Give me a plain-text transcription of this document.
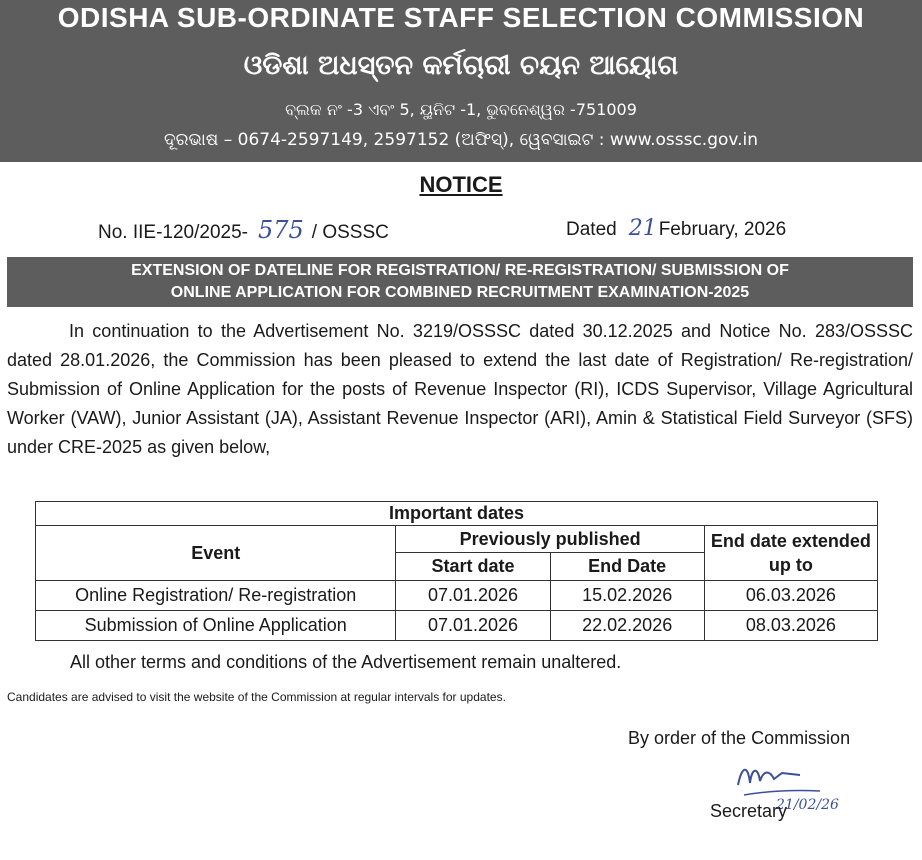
ODISHA SUB-ORDINATE STAFF SELECTION COMMISSION
ଓଡିଶା ଅଧସ୍ତନ କର୍ମଚାରୀ ଚୟନ ଆୟୋଗ
ବ୍ଲକ ନଂ -3 ଏବଂ 5, ୟୁନିଟ -1, ଭୁବନେଶ୍ୱର -751009
ଦୂରଭାଷ – 0674-2597149, 2597152 (ଅଫିସ୍), ୱେବସାଇଟ : www.osssc.gov.in
NOTICE
No. IIE-120/2025- 575 / OSSSC	Dated 21 February, 2026
EXTENSION OF DATELINE FOR REGISTRATION/ RE-REGISTRATION/ SUBMISSION OF
ONLINE APPLICATION FOR COMBINED RECRUITMENT EXAMINATION-2025
In continuation to the Advertisement No. 3219/OSSSC dated 30.12.2025 and Notice No. 283/OSSSC dated 28.01.2026, the Commission has been pleased to extend the last date of Registration/ Re-registration/ Submission of Online Application for the posts of Revenue Inspector (RI), ICDS Supervisor, Village Agricultural Worker (VAW), Junior Assistant (JA), Assistant Revenue Inspector (ARI), Amin & Statistical Field Surveyor (SFS) under CRE-2025 as given below,
Important dates			
Event	Previously published		End date extended up to
	Start date	End Date	
Online Registration/ Re-registration	07.01.2026	15.02.2026	06.03.2026
Submission of Online Application	07.01.2026	22.02.2026	08.03.2026
All other terms and conditions of the Advertisement remain unaltered.
Candidates are advised to visit the website of the Commission at regular intervals for updates.
By order of the Commission
21/02/26
Secretary
